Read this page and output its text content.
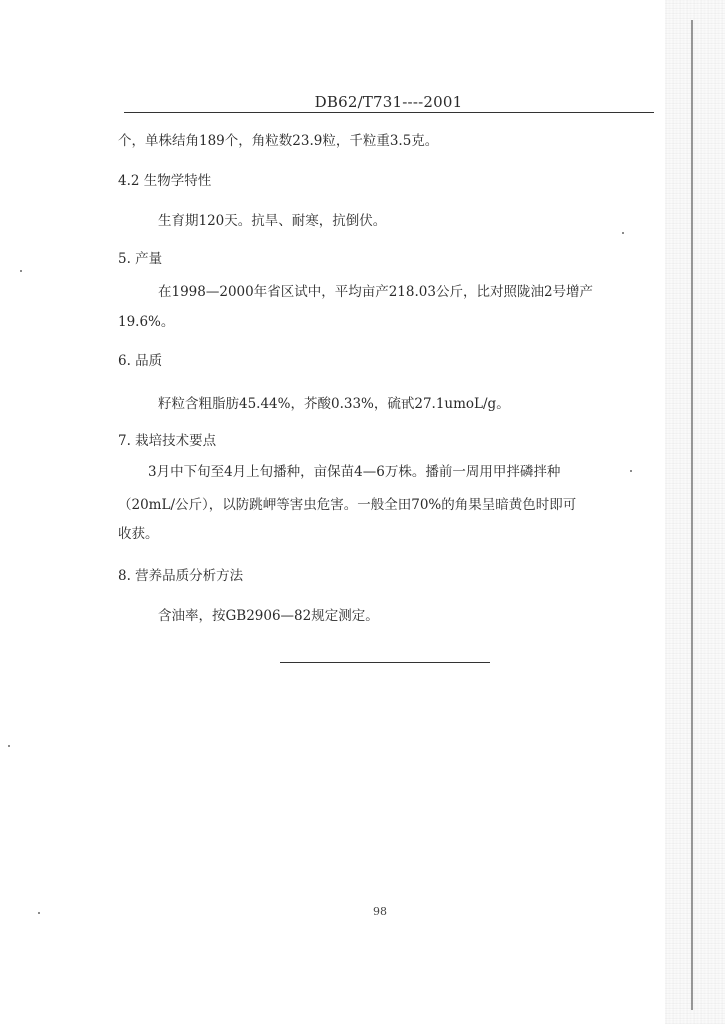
DB62/T731----2001
个，单株结角189个，角粒数23.9粒，千粒重3.5克。
4.2 生物学特性
生育期120天。抗旱、耐寒，抗倒伏。
5. 产量
在1998—2000年省区试中，平均亩产218.03公斤，比对照陇油2号增产
19.6%。
6. 品质
籽粒含粗脂肪45.44%，芥酸0.33%，硫甙27.1umoL/g。
7. 栽培技术要点
3月中下旬至4月上旬播种，亩保苗4—6万株。播前一周用甲拌磷拌种
（20mL/公斤），以防跳岬等害虫危害。一般全田70%的角果呈暗黄色时即可
收获。
8. 营养品质分析方法
含油率，按GB2906—82规定测定。
98
